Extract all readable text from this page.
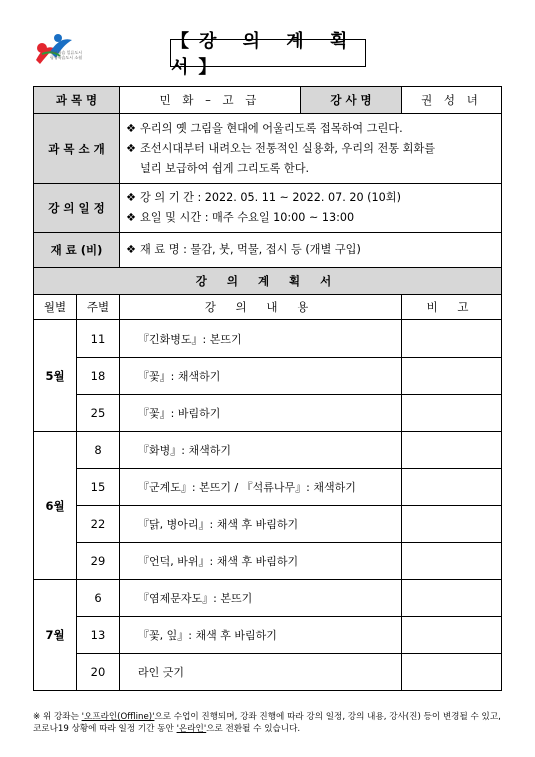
행복학습 일류도시
평생학습도시 소월
【강 의 계 획 서】
과 목 명		민 화 – 고 급	강 사 명	권 성 녀
과 목 소 개		❖ 우리의 옛 그림을 현대에 어울리도록 접목하여 그린다.
❖ 조선시대부터 내려오는 전통적인 실용화, 우리의 전통 회화를
널리 보급하여 쉽게 그리도록 한다.		

강 의 일 정		❖ 강 의 기 간 : 2022. 05. 11 ~ 2022. 07. 20 (10회)
❖ 요일 및 시간 : 매주 수요일 10:00 ~ 13:00		

재 료 (비)		❖ 재 료 명 : 물감, 붓, 먹물, 접시 등 (개별 구입)		

강 의 계 획 서				
월별	주별	강 의 내 용		비 고
5월	11	『긴화병도』: 본뜨기		
	18	『꽃』: 채색하기		
	25	『꽃』: 바림하기		
6월	8	『화병』: 채색하기		
	15	『군계도』: 본뜨기 / 『석류나무』: 채색하기		
	22	『닭, 병아리』: 채색 후 바림하기		
	29	『언덕, 바위』: 채색 후 바림하기		
7월	6	『염제문자도』: 본뜨기		
	13	『꽃, 잎』: 채색 후 바림하기		
	20	라인 긋기		
※ 위 강좌는 '오프라인(Offline)'으로 수업이 진행되며, 강좌 진행에 따라 강의 일정, 강의 내용, 강사(진) 등이 변경될 수 있고, 코로나19 상황에 따라 일정 기간 동안 '온라인'으로 전환될 수 있습니다.
